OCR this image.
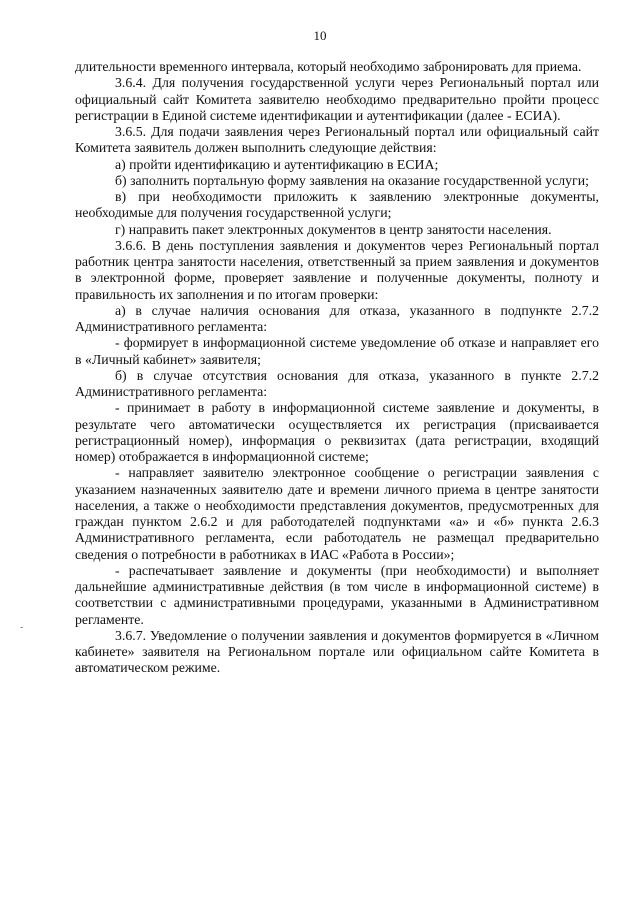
10

длительности временного интервала, который необходимо забронировать для приема.

3.6.4. Для получения государственной услуги через Региональный портал или официальный сайт Комитета заявителю необходимо предварительно пройти процесс регистрации в Единой системе идентификации и аутентификации (далее - ЕСИА).

3.6.5. Для подачи заявления через Региональный портал или официальный сайт Комитета заявитель должен выполнить следующие действия:

а) пройти идентификацию и аутентификацию в ЕСИА;

б) заполнить портальную форму заявления на оказание государственной услуги;

в) при необходимости приложить к заявлению электронные документы, необходимые для получения государственной услуги;

г) направить пакет электронных документов в центр занятости населения.

3.6.6. В день поступления заявления и документов через Региональный портал работник центра занятости населения, ответственный за прием заявления и документов в электронной форме, проверяет заявление и полученные документы, полноту и правильность их заполнения и по итогам проверки:

а) в случае наличия основания для отказа, указанного в подпункте 2.7.2 Административного регламента:

- формирует в информационной системе уведомление об отказе и направляет его в «Личный кабинет» заявителя;

б) в случае отсутствия основания для отказа, указанного в пункте 2.7.2 Административного регламента:

- принимает в работу в информационной системе заявление и документы, в результате чего автоматически осуществляется их регистрация (присваивается регистрационный номер), информация о реквизитах (дата регистрации, входящий номер) отображается в информационной системе;

- направляет заявителю электронное сообщение о регистрации заявления с указанием назначенных заявителю дате и времени личного приема в центре занятости населения, а также о необходимости представления документов, предусмотренных для граждан пунктом 2.6.2 и для работодателей подпунктами «а» и «б» пункта 2.6.3 Административного регламента, если работодатель не размещал предварительно сведения о потребности в работниках в ИАС «Работа в России»;

- распечатывает заявление и документы (при необходимости) и выполняет дальнейшие административные действия (в том числе в информационной системе) в соответствии с административными процедурами, указанными в Административном регламенте.

3.6.7. Уведомление о получении заявления и документов формируется в «Личном кабинете» заявителя на Региональном портале или официальном сайте Комитета в автоматическом режиме.

-
